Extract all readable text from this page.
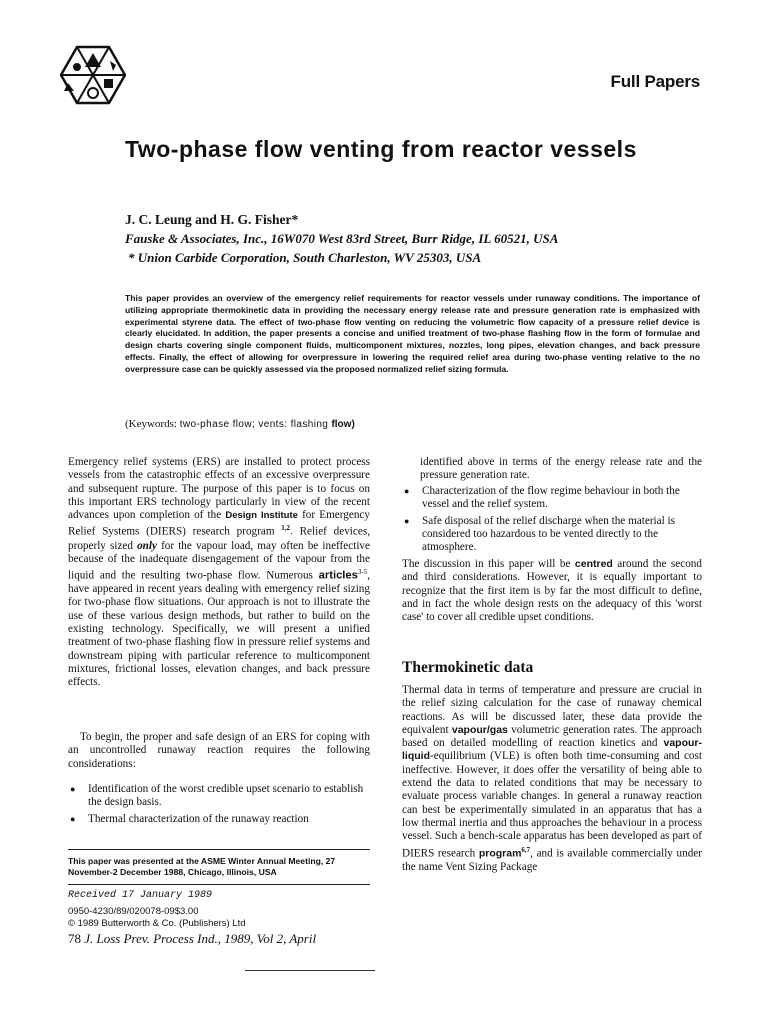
Full Papers
Two-phase flow venting from reactor vessels
J. C. Leung and H. G. Fisher*
Fauske & Associates, Inc., 16W070 West 83rd Street, Burr Ridge, IL 60521, USA
* Union Carbide Corporation, South Charleston, WV 25303, USA
This paper provides an overview of the emergency relief requirements for reactor vessels under runaway conditions. The importance of utilizing appropriate thermokinetic data in providing the necessary energy release rate and pressure generation rate is emphasized with experimental styrene data. The effect of two-phase flow venting on reducing the volumetric flow capacity of a pressure relief device is clearly elucidated. In addition, the paper presents a concise and unified treatment of two-phase flashing flow in the form of formulae and design charts covering single component fluids, multicomponent mixtures, nozzles, long pipes, elevation changes, and back pressure effects. Finally, the effect of allowing for overpressure in lowering the required relief area during two-phase venting relative to the no overpressure case can be quickly assessed via the proposed normalized relief sizing formula.
(Keywords: two-phase flow; vents: flashing flow)
Emergency relief systems (ERS) are installed to protect process vessels from the catastrophic effects of an excessive overpressure and subsequent rupture. The purpose of this paper is to focus on this important ERS technology particularly in view of the recent advances upon completion of the Design Institute for Emergency Relief Systems (DIERS) research program $^{1,2}$. Relief devices, properly sized only for the vapour load, may often be ineffective because of the inadequate disengagement of the vapour from the liquid and the resulting two-phase flow. Numerous articles$^{3-5}$, have appeared in recent years dealing with emergency relief sizing for two-phase flow situations. Our approach is not to illustrate the use of these various design methods, but rather to build on the existing technology. Specifically, we will present a unified treatment of two-phase flashing flow in pressure relief systems and downstream piping with particular reference to multicomponent mixtures, frictional losses, elevation changes, and back pressure effects.
To begin, the proper and safe design of an ERS for coping with an uncontrolled runaway reaction requires the following considerations:
● Identification of the worst credible upset scenario to establish the design basis.
● Thermal characterization of the runaway reaction
identified above in terms of the energy release rate and the pressure generation rate.
● Characterization of the flow regime behaviour in both the vessel and the relief system.
● Safe disposal of the relief discharge when the material is considered too hazardous to be vented directly to the atmosphere.
The discussion in this paper will be centred around the second and third considerations. However, it is equally important to recognize that the first item is by far the most difficult to define, and in fact the whole design rests on the adequacy of this 'worst case' to cover all credible upset conditions.
Thermokinetic data
Thermal data in terms of temperature and pressure are crucial in the relief sizing calculation for the case of runaway chemical reactions. As will be discussed later, these data provide the equivalent vapour/gas volumetric generation rates. The approach based on detailed modelling of reaction kinetics and vapour-liquid-equilibrium (VLE) is often both time-consuming and cost ineffective. However, it does offer the versatility of being able to extend the data to related conditions that may be necessary to evaluate process variable changes. In general a runaway reaction can best be experimentally simulated in an apparatus that has a low thermal inertia and thus approaches the behaviour in a process vessel. Such a bench-scale apparatus has been developed as part of DIERS research program$^{6,7}$, and is available commercially under the name Vent Sizing Package
This paper was presented at the ASME Winter Annual Meeting, 27 November-2 December 1988, Chicago, Illinois, USA
Received 17 January 1989
0950-4230/89/020078-09$3.00
© 1989 Butterworth & Co. (Publishers) Ltd
78 J. Loss Prev. Process Ind., 1989, Vol 2, April
